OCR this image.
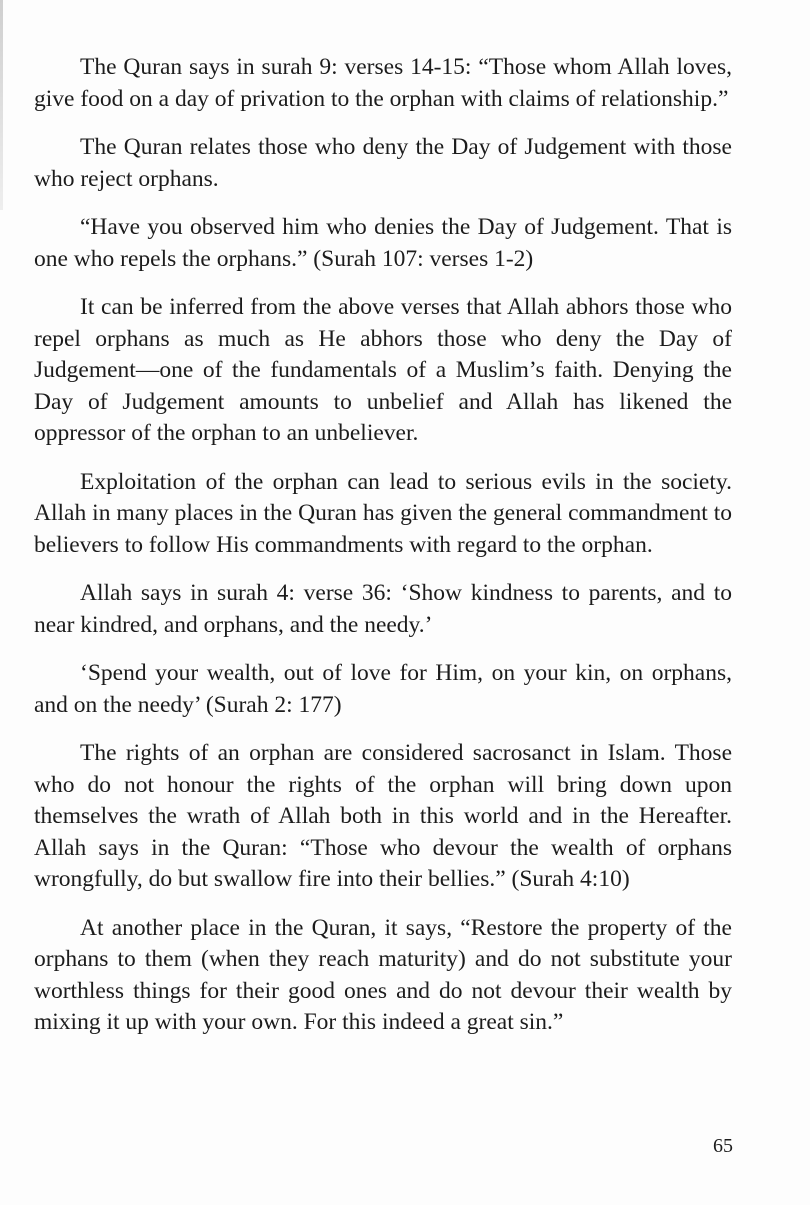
The Quran says in surah 9: verses 14-15: “Those whom Allah loves, give food on a day of privation to the orphan with claims of relationship.”

The Quran relates those who deny the Day of Judgement with those who reject orphans.

“Have you observed him who denies the Day of Judgement. That is one who repels the orphans.” (Surah 107: verses 1-2)

It can be inferred from the above verses that Allah abhors those who repel orphans as much as He abhors those who deny the Day of Judgement—one of the fundamentals of a Muslim’s faith. Denying the Day of Judgement amounts to unbelief and Allah has likened the oppressor of the orphan to an unbeliever.

Exploitation of the orphan can lead to serious evils in the society. Allah in many places in the Quran has given the general commandment to believers to follow His commandments with regard to the orphan.

Allah says in surah 4: verse 36: ‘Show kindness to parents, and to near kindred, and orphans, and the needy.’

‘Spend your wealth, out of love for Him, on your kin, on orphans, and on the needy’ (Surah 2: 177)

The rights of an orphan are considered sacrosanct in Islam. Those who do not honour the rights of the orphan will bring down upon themselves the wrath of Allah both in this world and in the Hereafter. Allah says in the Quran: “Those who devour the wealth of orphans wrongfully, do but swallow fire into their bellies.” (Surah 4:10)

At another place in the Quran, it says, “Restore the property of the orphans to them (when they reach maturity) and do not substitute your worthless things for their good ones and do not devour their wealth by mixing it up with your own. For this indeed a great sin.”

65
